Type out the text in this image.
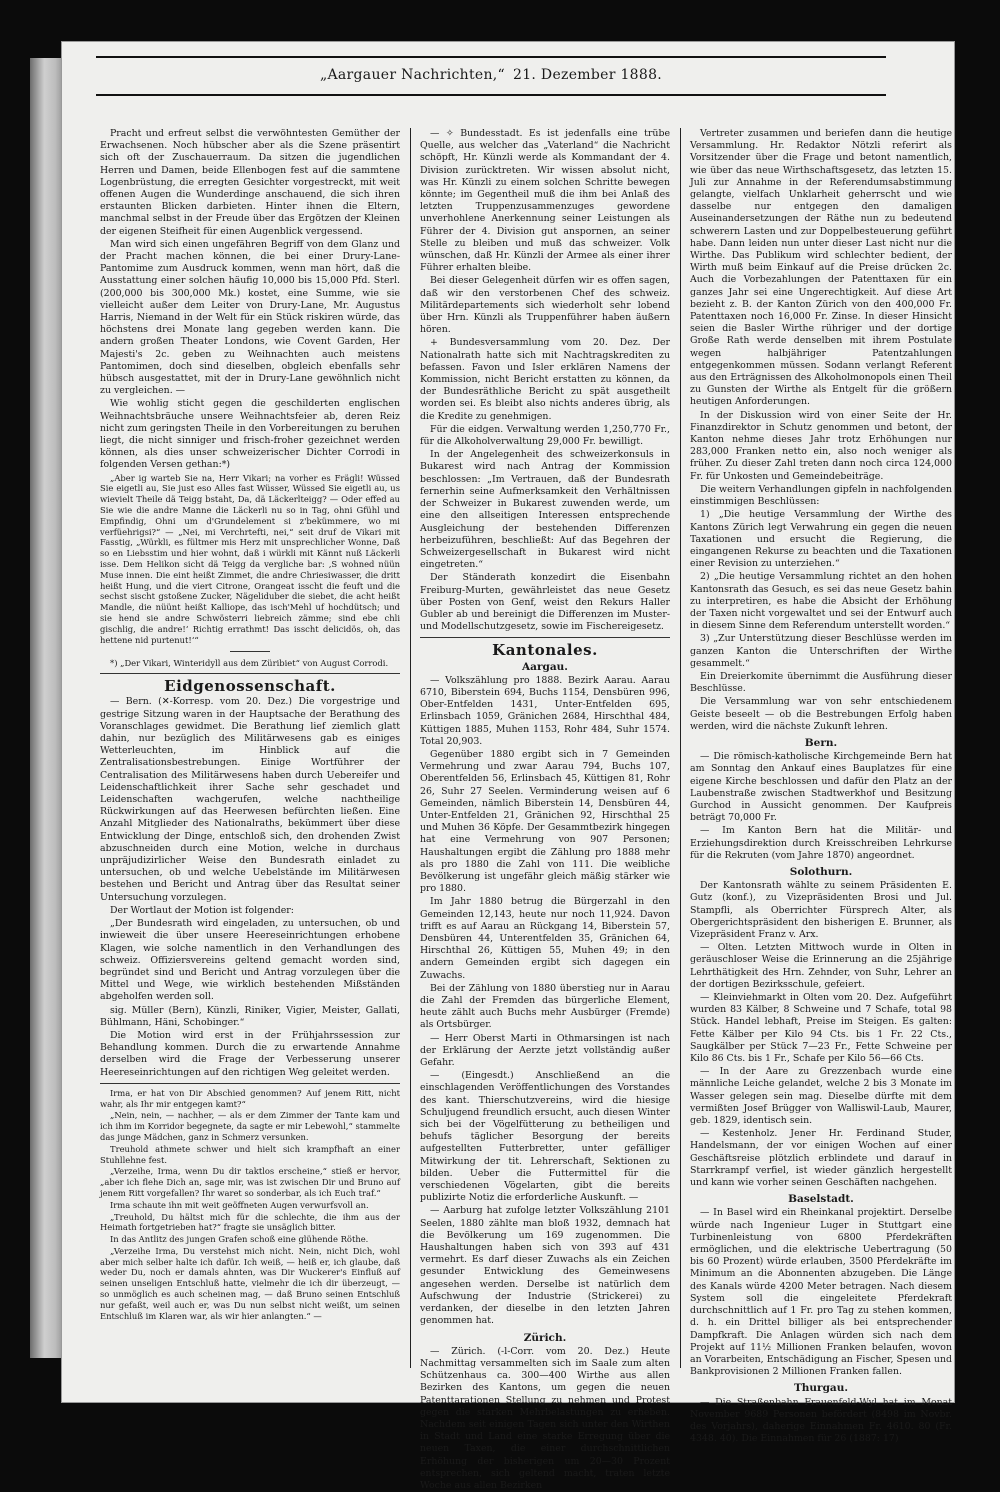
„Aargauer Nachrichten,“ 21. Dezember 1888.

Pracht und erfreut selbst die verwöhntesten Gemüther der Erwachsenen. Noch hübscher aber als die Szene präsentirt sich oft der Zuschauerraum. Da sitzen die jugendlichen Herren und Damen, beide Ellenbogen fest auf die sammtene Logenbrüstung, die erregten Gesichter vorgestreckt, mit weit offenen Augen die Wunderdinge anschauend, die sich ihren erstaunten Blicken darbieten. Hinter ihnen die Eltern, manchmal selbst in der Freude über das Ergötzen der Kleinen der eigenen Steifheit für einen Augenblick vergessend.

Man wird sich einen ungefähren Begriff von dem Glanz und der Pracht machen können, die bei einer Drury-Lane-Pantomime zum Ausdruck kommen, wenn man hört, daß die Ausstattung einer solchen häufig 10,000 bis 15,000 Pfd. Sterl. (200,000 bis 300,000 Mk.) kostet, eine Summe, wie sie vielleicht außer dem Leiter von Drury-Lane, Mr. Augustus Harris, Niemand in der Welt für ein Stück riskiren würde, das höchstens drei Monate lang gegeben werden kann. Die andern großen Theater Londons, wie Covent Garden, Her Majesti's 2c. geben zu Weihnachten auch meistens Pantomimen, doch sind dieselben, obgleich ebenfalls sehr hübsch ausgestattet, mit der in Drury-Lane gewöhnlich nicht zu vergleichen. —

Wie wohlig sticht gegen die geschilderten englischen Weihnachtsbräuche unsere Weihnachtsfeier ab, deren Reiz nicht zum geringsten Theile in den Vorbereitungen zu beruhen liegt, die nicht sinniger und frisch-froher gezeichnet werden können, als dies unser schweizerischer Dichter Corrodi in folgenden Versen gethan:*)

„Aber ig warteb Sie na, Herr Vikari; na vorher es Frägli! Wüssed Sie eigetli au, Sie just eso Alles fast Wüsser, Wüssed Sie eigetli au, us wievielt Theile dä Teigg bstaht, Da, dä Läckerlteigg? — Oder effed au Sie wie die andre Manne die Läckerli nu so in Tag, ohni Gfühl und Empfindig, Ohni um d'Grundelement si z'bekümmere, wo mi verfüehrigsi?“ — „Nei, mi Verchrtefti, nei,“ seit druf de Vikari mit Fasstig, „Würkli, es fültmer mis Herz mit unsprechlicher Wonne, Daß so en Liebsstim und hier wohnt, daß i würkli mit Kännt nuß Läckerli isse. Dem Helikon sicht dä Teigg da vergliche bar: ‚S wohned nüün Muse innen. Die eint heißt Zimmet, die andre Chriesiwasser, die dritt heißt Hung, und die viert Citrone, Orangeat isscht die feuft und die sechst sischt gstoßene Zucker, Nägeliduber die siebet, die acht heißt Mandle, die nüünt heißt Kalliope, das isch'Mehl uf hochdütsch; und sie hend sie andre Schwösterri liebreich zämme; sind ebe chli gischlig, die andre!‘ Richtig errathmt! Das isscht delicidös, oh, das hettene nid purtenut!‘“

*) „Der Vikari, Winteridyll aus dem Züribiet“ von August Corrodi.

Eidgenossenschaft.

— Bern. (✕-Korresp. vom 20. Dez.) Die vorgestrige und gestrige Sitzung waren in der Hauptsache der Berathung des Voranschlages gewidmet. Die Berathung lief ziemlich glatt dahin, nur bezüglich des Militärwesens gab es einiges Wetterleuchten, im Hinblick auf die Zentralisationsbestrebungen. Einige Wortführer der Centralisation des Militärwesens haben durch Uebereifer und Leidenschaftlichkeit ihrer Sache sehr geschadet und Leidenschaften wachgerufen, welche nachtheilige Rückwirkungen auf das Heerwesen befürchten ließen. Eine Anzahl Mitglieder des Nationalraths, bekümmert über diese Entwicklung der Dinge, entschloß sich, den drohenden Zwist abzuschneiden durch eine Motion, welche in durchaus unpräjudizirlicher Weise den Bundesrath einladet zu untersuchen, ob und welche Uebelstände im Militärwesen bestehen und Bericht und Antrag über das Resultat seiner Untersuchung vorzulegen.

Der Wortlaut der Motion ist folgender:

„Der Bundesrath wird eingeladen, zu untersuchen, ob und inwieweit die über unsere Heereseinrichtungen erhobene Klagen, wie solche namentlich in den Verhandlungen des schweiz. Offiziersvereins geltend gemacht worden sind, begründet sind und Bericht und Antrag vorzulegen über die Mittel und Wege, wie wirklich bestehenden Mißständen abgeholfen werden soll.

sig. Müller (Bern), Künzli, Riniker, Vigier, Meister, Gallati, Bühlmann, Häni, Schobinger.“

Die Motion wird erst in der Frühjahrssession zur Behandlung kommen. Durch die zu erwartende Annahme derselben wird die Frage der Verbesserung unserer Heereseinrichtungen auf den richtigen Weg geleitet werden.

Irma, er hat von Dir Abschied genommen? Auf jenem Ritt, nicht wahr, als Ihr mir entgegen kamt?“

„Nein, nein, — nachher, — als er dem Zimmer der Tante kam und ich ihm im Korridor begegnete, da sagte er mir Lebewohl,“ stammelte das junge Mädchen, ganz in Schmerz versunken.

Treuhold athmete schwer und hielt sich krampfhaft an einer Stuhllehne fest.

„Verzeihe, Irma, wenn Du dir taktlos erscheine,“ stieß er hervor, „aber ich flehe Dich an, sage mir, was ist zwischen Dir und Bruno auf jenem Ritt vorgefallen? Ihr waret so sonderbar, als ich Euch traf.“

Irma schaute ihn mit weit geöffneten Augen verwurfsvoll an.

„Treuhold, Du hältst mich für die schlechte, die ihm aus der Heimath fortgetrieben hat?“ fragte sie unsäglich bitter.

In das Antlitz des jungen Grafen schoß eine glühende Röthe.

„Verzeihe Irma, Du verstehst mich nicht. Nein, nicht Dich, wohl aber mich selber halte ich dafür. Ich weiß, — heiß er, ich glaube, daß weder Du, noch er damals ahnten, was Dir Wuckerer's Einfluß auf seinen unseligen Entschluß hatte, vielmehr die ich dir überzeugt, — so unmöglich es auch scheinen mag, — daß Bruno seinen Entschluß nur gefaßt, weil auch er, was Du nun selbst nicht weißt, um seinen Entschluß im Klaren war, als wir hier anlangten.“ —

— ✧ Bundesstadt. Es ist jedenfalls eine trübe Quelle, aus welcher das „Vaterland“ die Nachricht schöpft, Hr. Künzli werde als Kommandant der 4. Division zurücktreten. Wir wissen absolut nicht, was Hr. Künzli zu einem solchen Schritte bewegen könnte; im Gegentheil muß die ihm bei Anlaß des letzten Truppenzusammenzuges gewordene unverhohlene Anerkennung seiner Leistungen als Führer der 4. Division gut anspornen, an seiner Stelle zu bleiben und muß das schweizer. Volk wünschen, daß Hr. Künzli der Armee als einer ihrer Führer erhalten bleibe.

Bei dieser Gelegenheit dürfen wir es offen sagen, daß wir den verstorbenen Chef des schweiz. Militärdepartements sich wiederholt sehr lobend über Hrn. Künzli als Truppenführer haben äußern hören.

+ Bundesversammlung vom 20. Dez. Der Nationalrath hatte sich mit Nachtragskrediten zu befassen. Favon und Isler erklären Namens der Kommission, nicht Bericht erstatten zu können, da der Bundesräthliche Bericht zu spät ausgetheilt worden sei. Es bleibt also nichts anderes übrig, als die Kredite zu genehmigen.

Für die eidgen. Verwaltung werden 1,250,770 Fr., für die Alkoholverwaltung 29,000 Fr. bewilligt.

In der Angelegenheit des schweizerkonsuls in Bukarest wird nach Antrag der Kommission beschlossen: „Im Vertrauen, daß der Bundesrath fernerhin seine Aufmerksamkeit den Verhältnissen der Schweizer in Bukarest zuwenden werde, um eine den allseitigen Interessen entsprechende Ausgleichung der bestehenden Differenzen herbeizuführen, beschließt: Auf das Begehren der Schweizergesellschaft in Bukarest wird nicht eingetreten.“

Der Ständerath konzedirt die Eisenbahn Freiburg-Murten, gewährleistet das neue Gesetz über Posten von Genf, weist den Rekurs Haller Gubler ab und bereinigt die Differenzen im Muster- und Modellschutzgesetz, sowie im Fischereigesetz.

Kantonales.
Aargau.

— Volkszählung pro 1888. Bezirk Aarau. Aarau 6710, Biberstein 694, Buchs 1154, Densbüren 996, Ober-Entfelden 1431, Unter-Entfelden 695, Erlinsbach 1059, Gränichen 2684, Hirschthal 484, Küttigen 1885, Muhen 1153, Rohr 484, Suhr 1574. Total 20,903.

Gegenüber 1880 ergibt sich in 7 Gemeinden Vermehrung und zwar Aarau 794, Buchs 107, Oberentfelden 56, Erlinsbach 45, Küttigen 81, Rohr 26, Suhr 27 Seelen. Verminderung weisen auf 6 Gemeinden, nämlich Biberstein 14, Densbüren 44, Unter-Entfelden 21, Gränichen 92, Hirschthal 25 und Muhen 36 Köpfe. Der Gesammtbezirk hingegen hat eine Vermehrung von 907 Personen; Haushaltungen ergibt die Zählung pro 1888 mehr als pro 1880 die Zahl von 111. Die weibliche Bevölkerung ist ungefähr gleich mäßig stärker wie pro 1880.

Im Jahr 1880 betrug die Bürgerzahl in den Gemeinden 12,143, heute nur noch 11,924. Davon trifft es auf Aarau an Rückgang 14, Biberstein 57, Densbüren 44, Unterentfelden 35, Gränichen 64, Hirschthal 26, Küttigen 55, Muhen 49; in den andern Gemeinden ergibt sich dagegen ein Zuwachs.

Bei der Zählung von 1880 überstieg nur in Aarau die Zahl der Fremden das bürgerliche Element, heute zählt auch Buchs mehr Ausbürger (Fremde) als Ortsbürger.

— Herr Oberst Marti in Othmarsingen ist nach der Erklärung der Aerzte jetzt vollständig außer Gefahr.

— (Eingesdt.) Anschließend an die einschlagenden Veröffentlichungen des Vorstandes des kant. Thierschutzvereins, wird die hiesige Schuljugend freundlich ersucht, auch diesen Winter sich bei der Vögelfütterung zu betheiligen und behufs täglicher Besorgung der bereits aufgestellten Futterbretter, unter gefälliger Mitwirkung der tit. Lehrerschaft, Sektionen zu bilden. Ueber die Futtermittel für die verschiedenen Vögelarten, gibt die bereits publizirte Notiz die erforderliche Auskunft. —

— Aarburg hat zufolge letzter Volkszählung 2101 Seelen, 1880 zählte man bloß 1932, demnach hat die Bevölkerung um 169 zugenommen. Die Haushaltungen haben sich von 393 auf 431 vermehrt. Es darf dieser Zuwachs als ein Zeichen gesunder Entwicklung des Gemeinwesens angesehen werden. Derselbe ist natürlich dem Aufschwung der Industrie (Strickerei) zu verdanken, der dieselbe in den letzten Jahren genommen hat.

Zürich.

— Zürich. (-l-Corr. vom 20. Dez.) Heute Nachmittag versammelten sich im Saale zum alten Schützenhaus ca. 300—400 Wirthe aus allen Bezirken des Kantons, um gegen die neuen Patenttarationen Stellung zu nehmen und Protest gegen die starken Mehrbelastungen zu erheben. Nachdem seit einigen Tagen sich unter den Wirthen in Stadt und Land eine starke Erregung über die neuen Taxen, die einer durchschnittlichen Erhöhung der bisherigen um 20—30 Prozent entsprechen, sich geltend macht, traten letzte Woche aus allen Bezirken

Vertreter zusammen und beriefen dann die heutige Versammlung. Hr. Redaktor Nötzli referirt als Vorsitzender über die Frage und betont namentlich, wie über das neue Wirthschaftsgesetz, das letzten 15. Juli zur Annahme in der Referendumsabstimmung gelangte, vielfach Unklarheit geherrscht und wie dasselbe nur entgegen den damaligen Auseinandersetzungen der Räthe nun zu bedeutend schwerern Lasten und zur Doppelbesteuerung geführt habe. Dann leiden nun unter dieser Last nicht nur die Wirthe. Das Publikum wird schlechter bedient, der Wirth muß beim Einkauf auf die Preise drücken 2c. Auch die Vorbezahlungen der Patenttaxen für ein ganzes Jahr sei eine Ungerechtigkeit. Auf diese Art bezieht z. B. der Kanton Zürich von den 400,000 Fr. Patenttaxen noch 16,000 Fr. Zinse. In dieser Hinsicht seien die Basler Wirthe rühriger und der dortige Große Rath werde denselben mit ihrem Postulate wegen halbjähriger Patentzahlungen entgegenkommen müssen. Sodann verlangt Referent aus den Erträgnissen des Alkoholmonopols einen Theil zu Gunsten der Wirthe als Entgelt für die größern heutigen Anforderungen.

In der Diskussion wird von einer Seite der Hr. Finanzdirektor in Schutz genommen und betont, der Kanton nehme dieses Jahr trotz Erhöhungen nur 283,000 Franken netto ein, also noch weniger als früher. Zu dieser Zahl treten dann noch circa 124,000 Fr. für Unkosten und Gemeindebeiträge.

Die weitern Verhandlungen gipfeln in nachfolgenden einstimmigen Beschlüssen:

1) „Die heutige Versammlung der Wirthe des Kantons Zürich legt Verwahrung ein gegen die neuen Taxationen und ersucht die Regierung, die eingangenen Rekurse zu beachten und die Taxationen einer Revision zu unterziehen.“

2) „Die heutige Versammlung richtet an den hohen Kantonsrath das Gesuch, es sei das neue Gesetz bahin zu interpretiren, es habe die Absicht der Erhöhung der Taxen nicht vorgewaltet und sei der Entwurf auch in diesem Sinne dem Referendum unterstellt worden.“

3) „Zur Unterstützung dieser Beschlüsse werden im ganzen Kanton die Unterschriften der Wirthe gesammelt.“

Ein Dreierkomite übernimmt die Ausführung dieser Beschlüsse.

Die Versammlung war von sehr entschiedenem Geiste beseelt — ob die Bestrebungen Erfolg haben werden, wird die nächste Zukunft lehren.

Bern.

— Die römisch-katholische Kirchgemeinde Bern hat am Sonntag den Ankauf eines Bauplatzes für eine eigene Kirche beschlossen und dafür den Platz an der Laubenstraße zwischen Stadtwerkhof und Besitzung Gurchod in Aussicht genommen. Der Kaufpreis beträgt 70,000 Fr.

— Im Kanton Bern hat die Militär- und Erziehungsdirektion durch Kreisschreiben Lehrkurse für die Rekruten (vom Jahre 1870) angeordnet.

Solothurn.

Der Kantonsrath wählte zu seinem Präsidenten E. Gutz (konf.), zu Vizepräsidenten Brosi und Jul. Stampfli, als Oberrichter Fürsprech Alter, als Obergerichtspräsident den bisherigen E. Brunner, als Vizepräsident Franz v. Arx.

— Olten. Letzten Mittwoch wurde in Olten in geräuschloser Weise die Erinnerung an die 25jährige Lehrthätigkeit des Hrn. Zehnder, von Suhr, Lehrer an der dortigen Bezirksschule, gefeiert.

— Kleinviehmarkt in Olten vom 20. Dez. Aufgeführt wurden 83 Kälber, 8 Schweine und 7 Schafe, total 98 Stück. Handel lebhaft, Preise im Steigen. Es galten: Fette Kälber per Kilo 94 Cts. bis 1 Fr. 22 Cts., Saugkälber per Stück 7—23 Fr., Fette Schweine per Kilo 86 Cts. bis 1 Fr., Schafe per Kilo 56—66 Cts.

— In der Aare zu Grezzenbach wurde eine männliche Leiche gelandet, welche 2 bis 3 Monate im Wasser gelegen sein mag. Dieselbe dürfte mit dem vermißten Josef Brügger von Walliswil-Laub, Maurer, geb. 1829, identisch sein.

— Kestenholz. Jener Hr. Ferdinand Studer, Handelsmann, der vor einigen Wochen auf einer Geschäftsreise plötzlich erblindete und darauf in Starrkrampf verfiel, ist wieder gänzlich hergestellt und kann wie vorher seinen Geschäften nachgehen.

Baselstadt.

— In Basel wird ein Rheinkanal projektirt. Derselbe würde nach Ingenieur Luger in Stuttgart eine Turbinenleistung von 6800 Pferdekräften ermöglichen, und die elektrische Uebertragung (50 bis 60 Prozent) würde erlauben, 3500 Pferdekräfte im Minimum an die Abonnenten abzugeben. Die Länge des Kanals würde 4200 Meter betragen. Nach diesem System soll die eingeleitete Pferdekraft durchschnittlich auf 1 Fr. pro Tag zu stehen kommen, d. h. ein Drittel billiger als bei entsprechender Dampfkraft. Die Anlagen würden sich nach dem Projekt auf 11½ Millionen Franken belaufen, wovon an Vorarbeiten, Entschädigung an Fischer, Spesen und Bankprovisionen 2 Millionen Franken fallen.

Thurgau.

— Die Straßenbahn Frauenfeld-Wyl hat im Monat November 9689 Personen befördert (8498 im Novbr. des Vorjahrs), daherige Einnahmen Fr. 4610. 80 (Fr. 4348. 40). Die Einnahmen für 26 (1887: 17)
